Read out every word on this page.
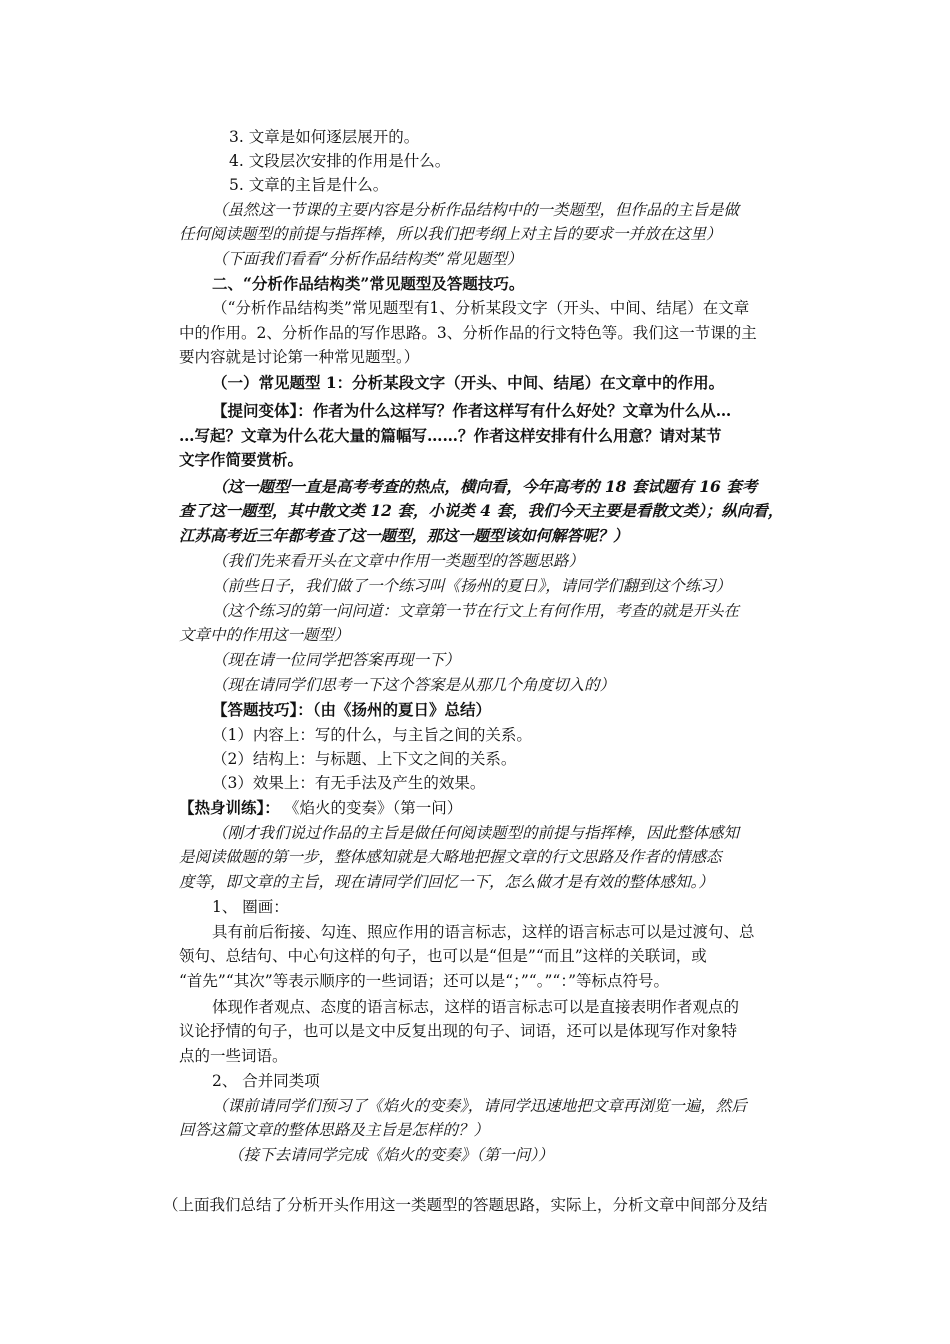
3. 文章是如何逐层展开的。
4. 文段层次安排的作用是什么。
5. 文章的主旨是什么。
（虽然这一节课的主要内容是分析作品结构中的一类题型，但作品的主旨是做
任何阅读题型的前提与指挥棒，所以我们把考纲上对主旨的要求一并放在这里）
（下面我们看看“分析作品结构类”常见题型）
二、“分析作品结构类”常见题型及答题技巧。
（“分析作品结构类”常见题型有1、分析某段文字（开头、中间、结尾）在文章
中的作用。2、分析作品的写作思路。3、分析作品的行文特色等。我们这一节课的主
要内容就是讨论第一种常见题型。）
（一）常见题型 1：分析某段文字（开头、中间、结尾）在文章中的作用。
【提问变体】：作者为什么这样写？作者这样写有什么好处？文章为什么从…
…写起？文章为什么花大量的篇幅写……？作者这样安排有什么用意？请对某节
文字作简要赏析。
（这一题型一直是高考考查的热点，横向看，今年高考的 18 套试题有 16 套考
查了这一题型，其中散文类 12 套，小说类 4 套，我们今天主要是看散文类）；纵向看，
江苏高考近三年都考查了这一题型，那这一题型该如何解答呢？）
（我们先来看开头在文章中作用一类题型的答题思路）
（前些日子，我们做了一个练习叫《扬州的夏日》，请同学们翻到这个练习）
（这个练习的第一问问道：文章第一节在行文上有何作用，考查的就是开头在
文章中的作用这一题型）
（现在请一位同学把答案再现一下）
（现在请同学们思考一下这个答案是从那几个角度切入的）
【答题技巧】：（由《扬州的夏日》总结）
（1）内容上：写的什么，与主旨之间的关系。
（2）结构上：与标题、上下文之间的关系。
（3）效果上：有无手法及产生的效果。
【热身训练】： 《焰火的变奏》（第一问）
（刚才我们说过作品的主旨是做任何阅读题型的前提与指挥棒，因此整体感知
是阅读做题的第一步，整体感知就是大略地把握文章的行文思路及作者的情感态
度等，即文章的主旨，现在请同学们回忆一下，怎么做才是有效的整体感知。）
1、 圈画：
具有前后衔接、勾连、照应作用的语言标志，这样的语言标志可以是过渡句、总
领句、总结句、中心句这样的句子，也可以是“但是”“而且”这样的关联词，或
“首先”“其次”等表示顺序的一些词语；还可以是“；”“。”“：”等标点符号。
体现作者观点、态度的语言标志，这样的语言标志可以是直接表明作者观点的
议论抒情的句子，也可以是文中反复出现的句子、词语，还可以是体现写作对象特
点的一些词语。
2、 合并同类项
（课前请同学们预习了《焰火的变奏》，请同学迅速地把文章再浏览一遍，然后
回答这篇文章的整体思路及主旨是怎样的？）
（接下去请同学完成《焰火的变奏》（第一问））
（上面我们总结了分析开头作用这一类题型的答题思路，实际上，分析文章中间部分及结
